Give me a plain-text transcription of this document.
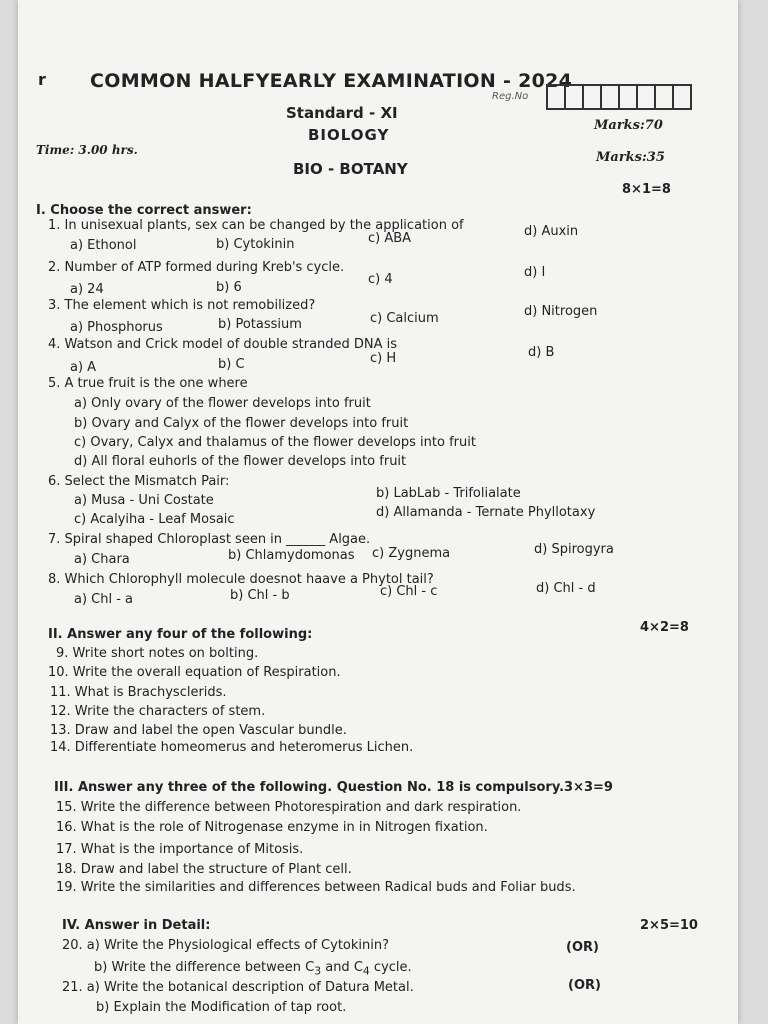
r COMMON HALFYEARLY EXAMINATION - 2024
Reg.No
Standard - XI
BIOLOGY
Marks:70
Time: 3.00 hrs.	Marks:35
BIO - BOTANY
I. Choose the correct answer:
8×1=8
1. In unisexual plants, sex can be changed by the application of
a) Ethonol	b) Cytokinin	c) ABA	d) Auxin
2. Number of ATP formed during Kreb's cycle.
a) 24	b) 6
c) 4	d) I
3. The element which is not remobilized?
a) Phosphorus	b) Potassium	c) Calcium	d) Nitrogen
4. Watson and Crick model of double stranded DNA is
a) A	b) C	c) H	d) B
5. A true fruit is the one where
a) Only ovary of the flower develops into fruit
b) Ovary and Calyx of the flower develops into fruit
c) Ovary, Calyx and thalamus of the flower develops into fruit
d) All floral euhorls of the flower develops into fruit
6. Select the Mismatch Pair:
a) Musa - Uni Costate	b) LabLab - Trifolialate
c) Acalyiha - Leaf Mosaic	d) Allamanda - Ternate Phyllotaxy
7. Spiral shaped Chloroplast seen in ______ Algae.
a) Chara	b) Chlamydomonas c) Zygnema	d) Spirogyra
8. Which Chlorophyll molecule doesnot haave a Phytol tail?
a) Chl - a	b) Chl - b	c) Chl - c	d) Chl - d
II. Answer any four of the following:	4×2=8
9. Write short notes on bolting.
10. Write the overall equation of Respiration.
11. What is Brachysclerids.
12. Write the characters of stem.
13. Draw and label the open Vascular bundle.
14. Differentiate homeomerus and heteromerus Lichen.
III. Answer any three of the following. Question No. 18 is compulsory.3×3=9
15. Write the difference between Photorespiration and dark respiration.
16. What is the role of Nitrogenase enzyme in in Nitrogen fixation.
17. What is the importance of Mitosis.
18. Draw and label the structure of Plant cell.
19. Write the similarities and differences between Radical buds and Foliar buds.
IV. Answer in Detail:	2×5=10
20. a) Write the Physiological effects of Cytokinin?	(OR)
b) Write the difference between $C_3$ and $C_4$ cycle.
21. a) Write the botanical description of Datura Metal.	(OR)
b) Explain the Modification of tap root.
